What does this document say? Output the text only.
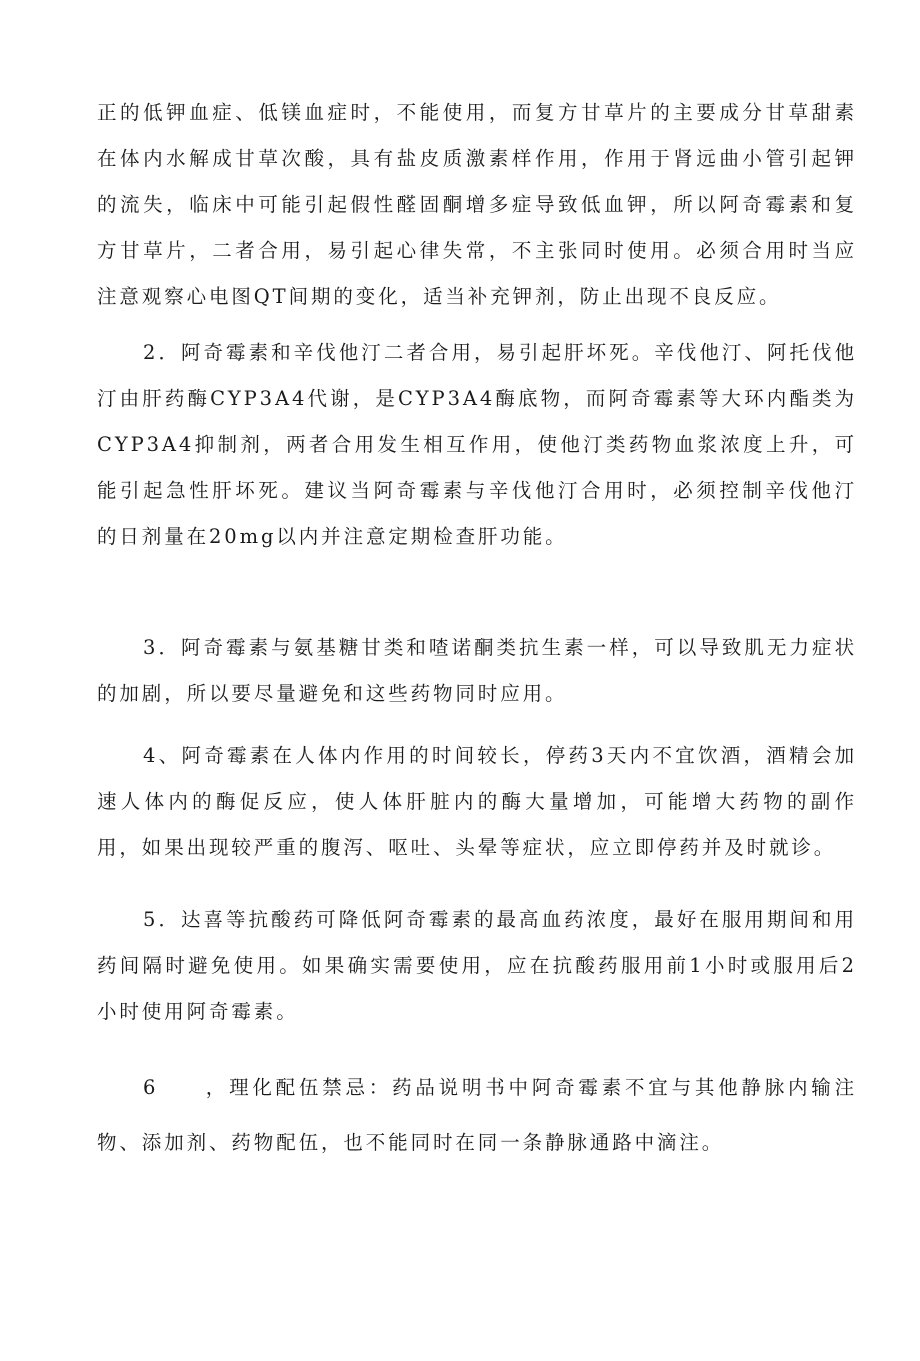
正的低钾血症、低镁血症时，不能使用，而复方甘草片的主要成分甘草甜素在体内水解成甘草次酸，具有盐皮质激素样作用，作用于肾远曲小管引起钾的流失，临床中可能引起假性醛固酮增多症导致低血钾，所以阿奇霉素和复方甘草片，二者合用，易引起心律失常，不主张同时使用。必须合用时当应注意观察心电图QT间期的变化，适当补充钾剂，防止出现不良反应。

2．阿奇霉素和辛伐他汀二者合用，易引起肝坏死。辛伐他汀、阿托伐他汀由肝药酶CYP3A4代谢，是CYP3A4酶底物，而阿奇霉素等大环内酯类为CYP3A4抑制剂，两者合用发生相互作用，使他汀类药物血浆浓度上升，可能引起急性肝坏死。建议当阿奇霉素与辛伐他汀合用时，必须控制辛伐他汀的日剂量在20mg以内并注意定期检查肝功能。

3．阿奇霉素与氨基糖甘类和喳诺酮类抗生素一样，可以导致肌无力症状的加剧，所以要尽量避免和这些药物同时应用。

4、阿奇霉素在人体内作用的时间较长，停药3天内不宜饮酒，酒精会加速人体内的酶促反应，使人体肝脏内的酶大量增加，可能增大药物的副作用，如果出现较严重的腹泻、呕吐、头晕等症状，应立即停药并及时就诊。

5．达喜等抗酸药可降低阿奇霉素的最高血药浓度，最好在服用期间和用药间隔时避免使用。如果确实需要使用，应在抗酸药服用前1小时或服用后2小时使用阿奇霉素。

6　　，理化配伍禁忌：药品说明书中阿奇霉素不宜与其他静脉内输注物、添加剂、药物配伍，也不能同时在同一条静脉通路中滴注。
